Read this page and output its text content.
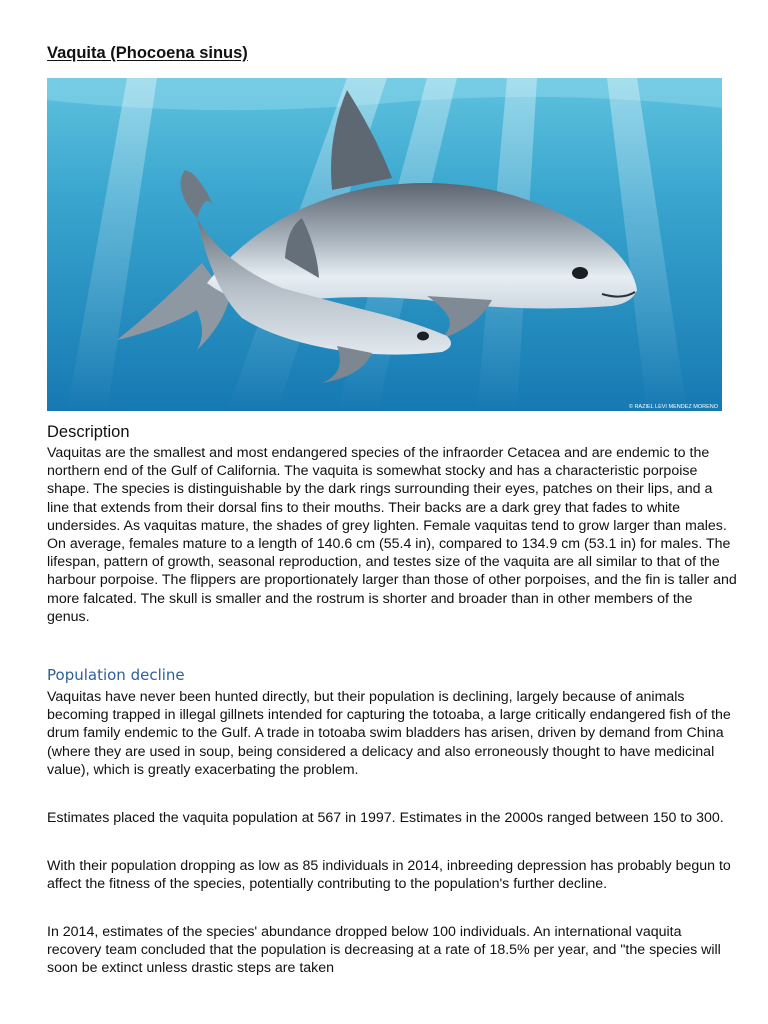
Vaquita (Phocoena sinus)
© RAZIEL LEVI MENDEZ MORENO
Description

Vaquitas are the smallest and most endangered species of the infraorder Cetacea and are endemic to the northern end of the Gulf of California. The vaquita is somewhat stocky and has a characteristic porpoise shape. The species is distinguishable by the dark rings surrounding their eyes, patches on their lips, and a line that extends from their dorsal fins to their mouths. Their backs are a dark grey that fades to white undersides. As vaquitas mature, the shades of grey lighten. Female vaquitas tend to grow larger than males. On average, females mature to a length of 140.6 cm (55.4 in), compared to 134.9 cm (53.1 in) for males. The lifespan, pattern of growth, seasonal reproduction, and testes size of the vaquita are all similar to that of the harbour porpoise. The flippers are proportionately larger than those of other porpoises, and the fin is taller and more falcated. The skull is smaller and the rostrum is shorter and broader than in other members of the genus.

Population decline

Vaquitas have never been hunted directly, but their population is declining, largely because of animals becoming trapped in illegal gillnets intended for capturing the totoaba, a large critically endangered fish of the drum family endemic to the Gulf. A trade in totoaba swim bladders has arisen, driven by demand from China (where they are used in soup, being considered a delicacy and also erroneously thought to have medicinal value), which is greatly exacerbating the problem.

Estimates placed the vaquita population at 567 in 1997. Estimates in the 2000s ranged between 150 to 300.

With their population dropping as low as 85 individuals in 2014, inbreeding depression has probably begun to affect the fitness of the species, potentially contributing to the population's further decline.

In 2014, estimates of the species' abundance dropped below 100 individuals. An international vaquita recovery team concluded that the population is decreasing at a rate of 18.5% per year, and "the species will soon be extinct unless drastic steps are taken
